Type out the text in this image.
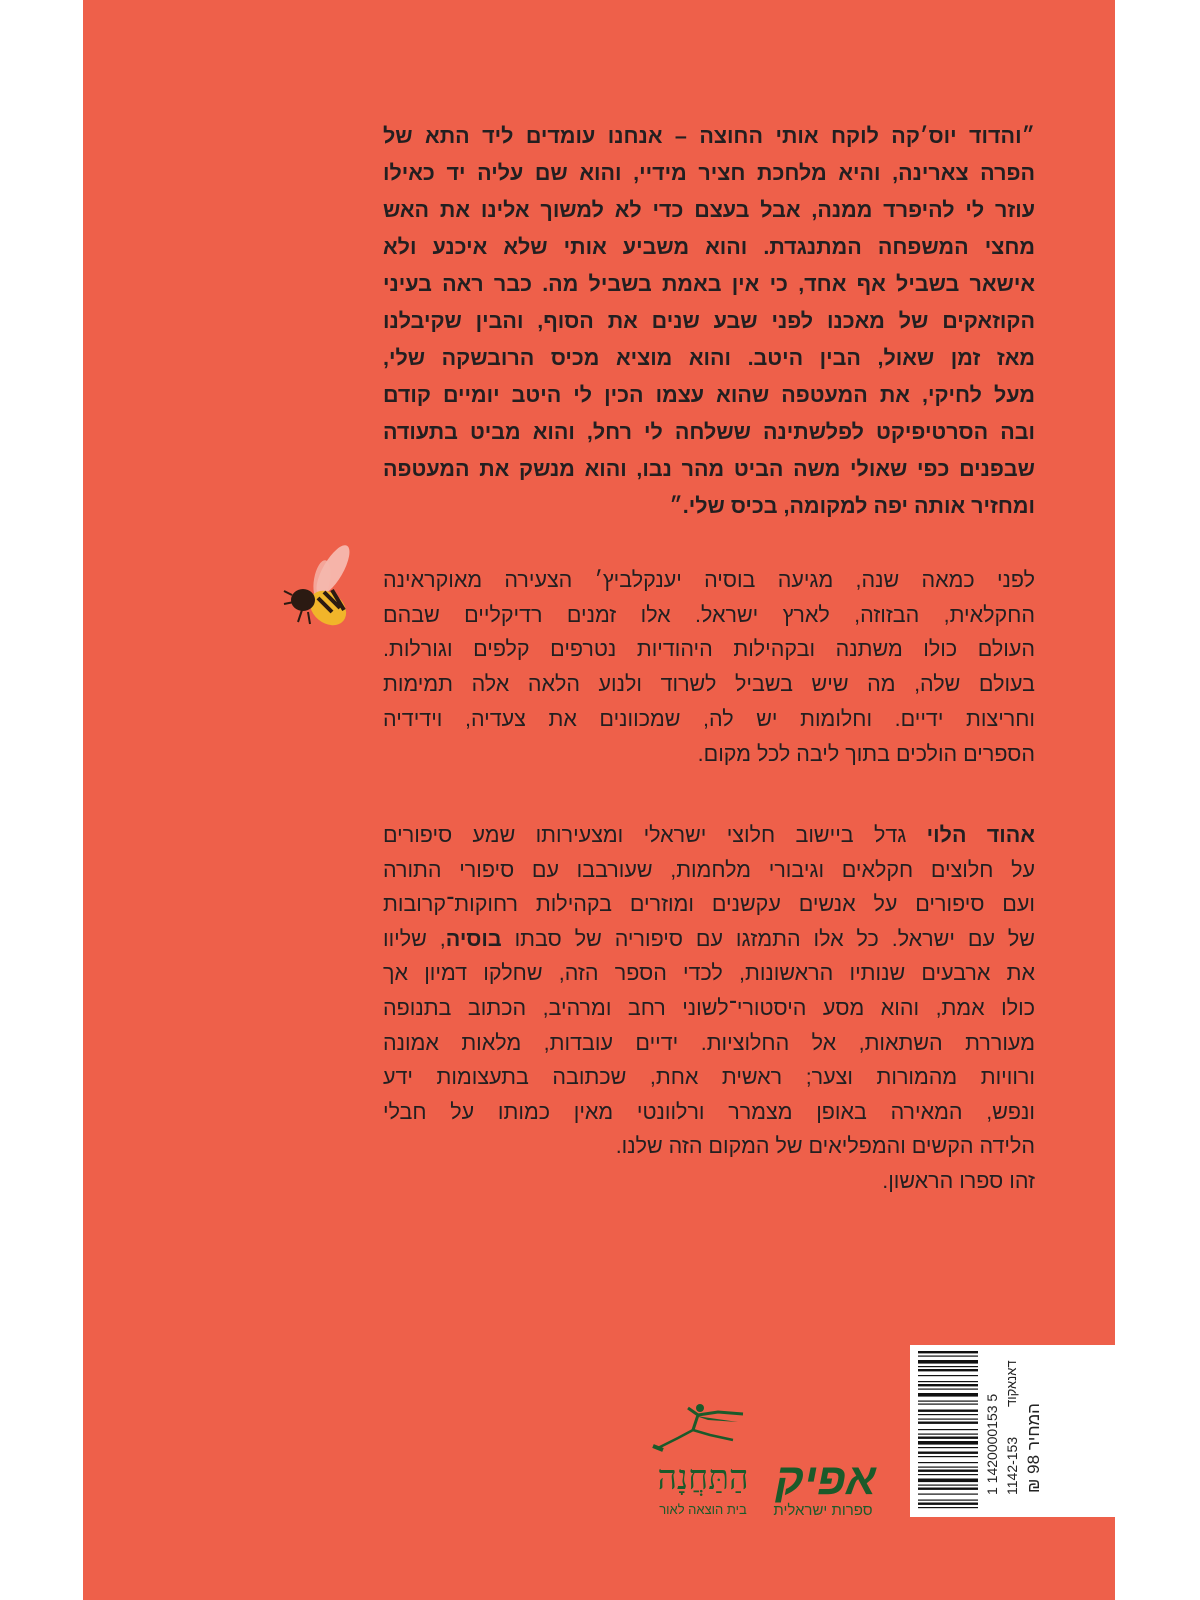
״והדוד יוס׳קה לוקח אותי החוצה – אנחנו עומדים ליד התא של
הפרה צארינה, והיא מלחכת חציר מידיי, והוא שם עליה יד כאילו
עוזר לי להיפרד ממנה, אבל בעצם כדי לא למשוך אלינו את האש
מחצי המשפחה המתנגדת. והוא משביע אותי שלא איכנע ולא
אישאר בשביל אף אחד, כי אין באמת בשביל מה. כבר ראה בעיני
הקוזאקים של מאכנו לפני שבע שנים את הסוף, והבין שקיבלנו
מאז זמן שאול, הבין היטב. והוא מוציא מכיס הרובשקה שלי,
מעל לחיקי, את המעטפה שהוא עצמו הכין לי היטב יומיים קודם
ובה הסרטיפיקט לפלשתינה ששלחה לי רחל, והוא מביט בתעודה
שבפנים כפי שאולי משה הביט מהר נבו, והוא מנשק את המעטפה
ומחזיר אותה יפה למקומה, בכיס שלי.״
לפני כמאה שנה, מגיעה בוסיה יענקלביץ׳ הצעירה מאוקראינה
החקלאית, הבזוזה, לארץ ישראל. אלו זמנים רדיקליים שבהם
העולם כולו משתנה ובקהילות היהודיות נטרפים קלפים וגורלות.
בעולם שלה, מה שיש בשביל לשרוד ולנוע הלאה אלה תמימות
וחריצות ידיים. וחלומות יש לה, שמכוונים את צעדיה, וידידיה
הספרים הולכים בתוך ליבה לכל מקום.
אהוד הלוי גדל ביישוב חלוצי ישראלי ומצעירותו שמע סיפורים
על חלוצים חקלאים וגיבורי מלחמות, שעורבבו עם סיפורי התורה
ועם סיפורים על אנשים עקשנים ומוזרים בקהילות רחוקות־קרובות
של עם ישראל. כל אלו התמזגו עם סיפוריה של סבתו בוסיה, שליוו
את ארבעים שנותיו הראשונות, לכדי הספר הזה, שחלקו דמיון אך
כולו אמת, והוא מסע היסטורי־לשוני רחב ומרהיב, הכתוב בתנופה
מעוררת השתאות, אל החלוציות. ידיים עובדות, מלאות אמונה
ורוויות מהמורות וצער; ראשית אחת, שכתובה בתעצומות ידע
ונפש, המאירה באופן מצמרר ורלוונטי מאין כמותו על חבלי
הלידה הקשים והמפליאים של המקום הזה שלנו.
זהו ספרו הראשון.
הַתַּחֲנָה
בית הוצאה לאור
אפיק
ספרות ישראלית
1 1420000153 5 1142-153
דאנאקוד
המחיר 98 ₪
